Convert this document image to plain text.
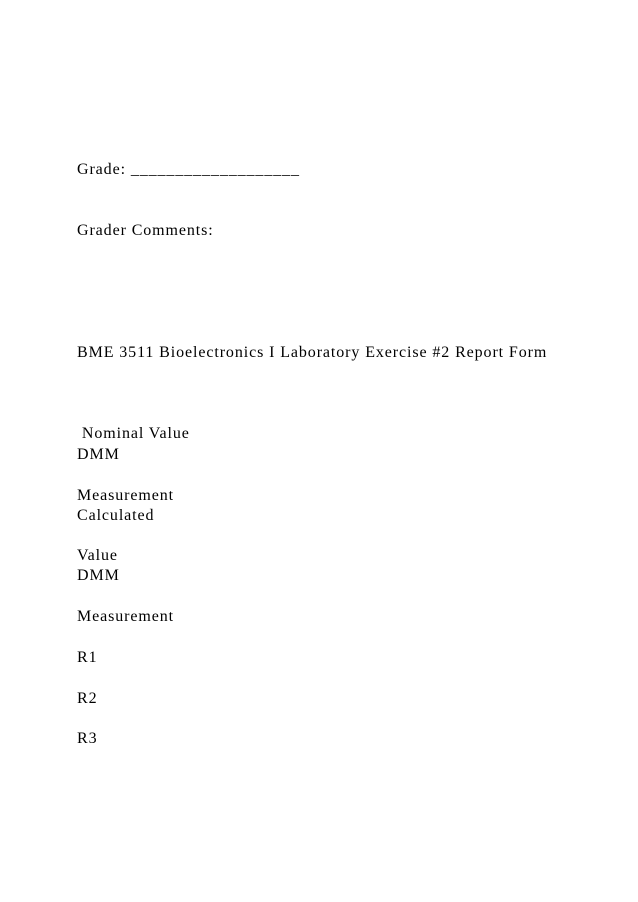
Grade: ___________________
Grader Comments:
BME 3511 Bioelectronics I Laboratory Exercise #2 Report Form
Nominal Value
DMM
Measurement
Calculated
Value
DMM
Measurement
R1
R2
R3
